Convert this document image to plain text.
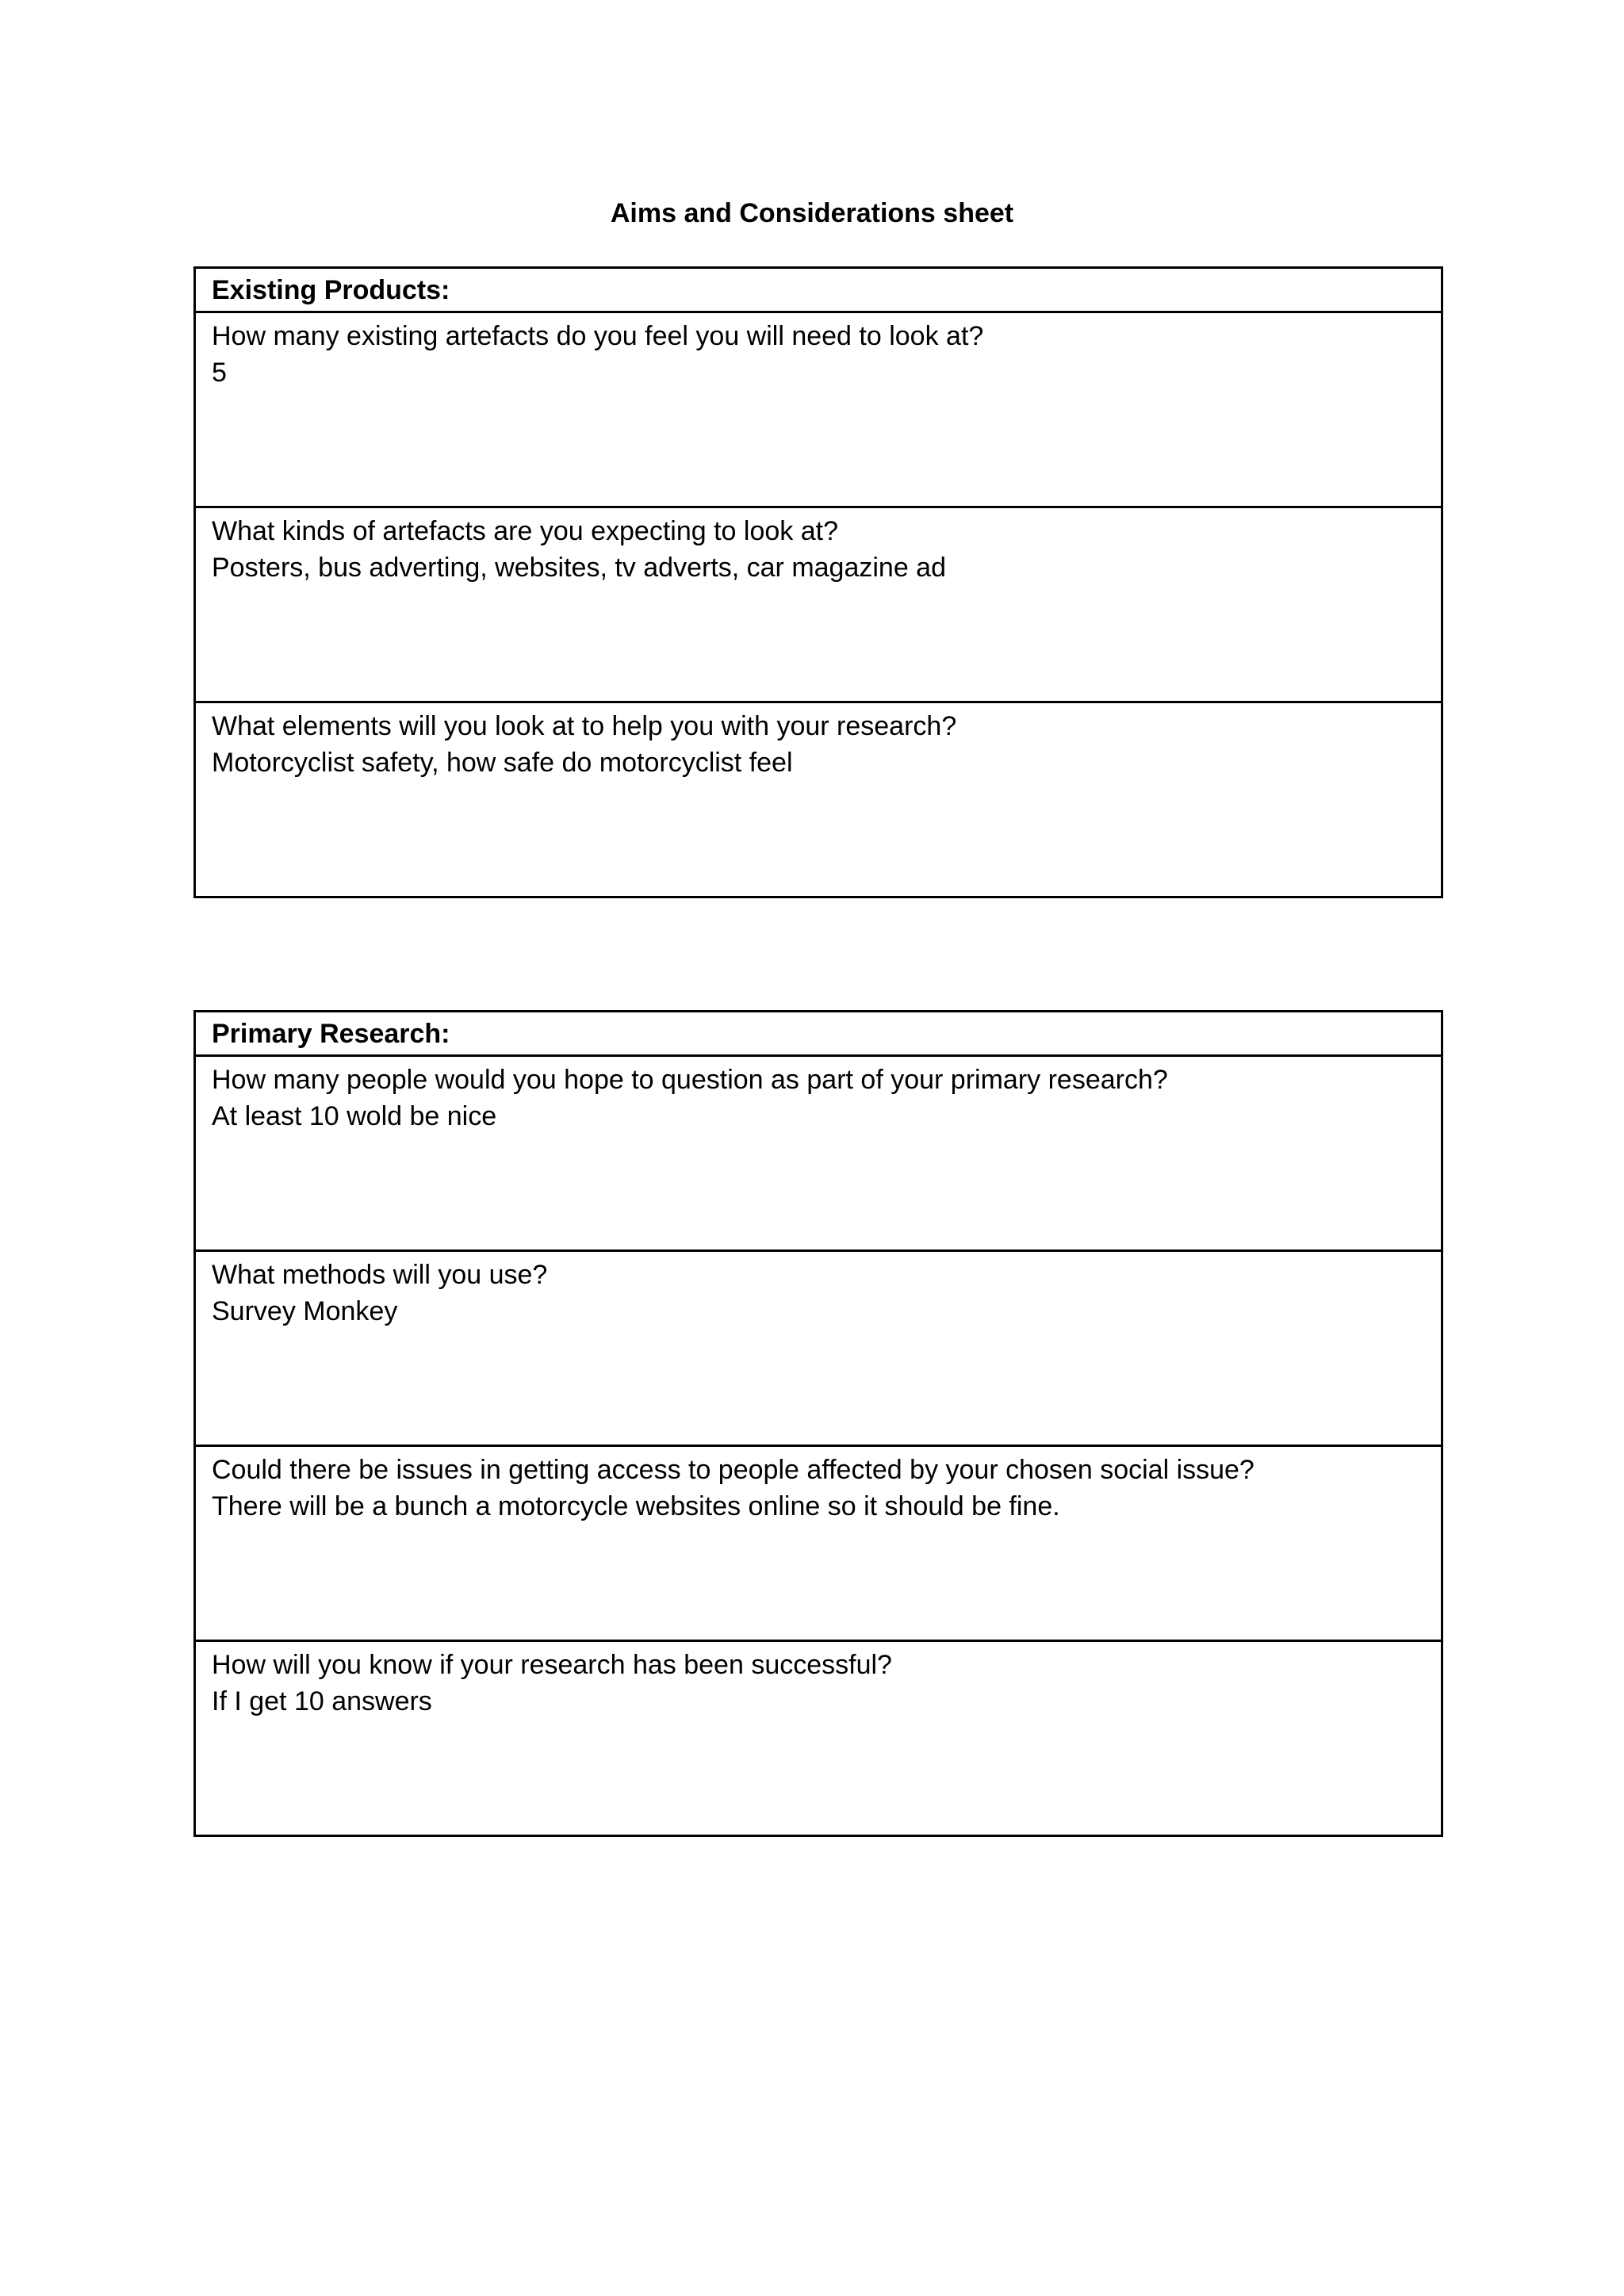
Aims and Considerations sheet
Existing Products:
How many existing artefacts do you feel you will need to look at?
5
What kinds of artefacts are you expecting to look at?
Posters, bus adverting, websites, tv adverts, car magazine ad
What elements will you look at to help you with your research?
Motorcyclist safety, how safe do motorcyclist feel
Primary Research:
How many people would you hope to question as part of your primary research?
At least 10 wold be nice
What methods will you use?
Survey Monkey
Could there be issues in getting access to people affected by your chosen social issue?
There will be a bunch a motorcycle websites online so it should be fine.
How will you know if your research has been successful?
If I get 10 answers
